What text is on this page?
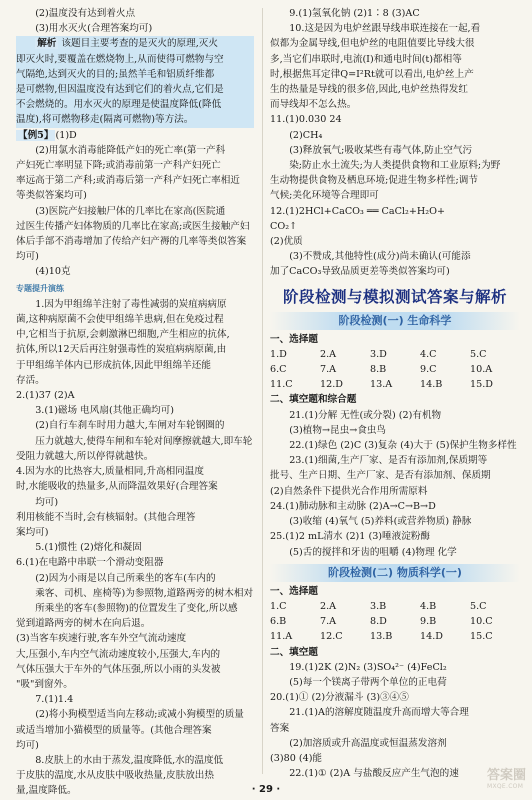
(2)温度没有达到着火点

(3)用水灭火(合理答案均可)

解析 该题目主要考查的是灭火的原理,灭火

即灭火时,要覆盖在燃烧物上,从而使得可燃物与空

气隔绝,达到灭火的目的;虽然羊毛和铝质纤维都

是可燃物,但因温度没有达到它们的着火点,它们是

不会燃烧的。用水灭火的原理是使温度降低(降低

温度),将可燃物移走(隔离可燃物)等方法。

【例5】 (1)D

(2)用氯水消毒能降低产妇的死亡率(第一产科

产妇死亡率明显下降;或消毒前第一产科产妇死亡

率远高于第二产科;或消毒后第一产科产妇死亡率相近

等类似答案均可)

(3)医院产妇接触尸体的几率比在家高(医院通

过医生传播产妇体物质的几率比在家高;或医生接触产妇

体后手部不消毒增加了传给产妇产褥的几率等类似答案

均可)

(4)10克

专题提升演练

1.因为甲组绵羊注射了毒性减弱的炭疽病病原

菌,这种病原菌不会使甲组绵羊患病,但在免疫过程

中,它相当于抗原,会刺激淋巴细胞,产生相应的抗体,

抗体,所以12天后再注射强毒性的炭疽病病原菌,由

于甲组绵羊体内已形成抗体,因此甲组绵羊还能

存活。

2.(1)37 (2)A

3.(1)磁场 电风扇(其他正确均可)

(2)自行车刹车时用力越大,车闸对车轮钢圈的

压力就越大,使得车闸和车轮对间摩擦就越大,即车轮

受阻力就越大,所以停得就越快。

4.因为水的比热容大,质量相同,升高相同温度

时,水能吸收的热量多,从而降温效果好(合理答案

均可)

利用核能不当时,会有核辐射。(其他合理答

案均可)

5.(1)惯性 (2)熔化和凝固

6.(1)在电路中串联一个滑动变阻器

(2)因为小雨是以自己所乘坐的客车(车内的

乘客、司机、座椅等)为参照物,道路两旁的树木相对

所乘坐的客车(参照物)的位置发生了变化,所以感

觉到道路两旁的树木在向后退。

(3)当客车疾速行驶,客车外空气流动速度

大,压强小,车内空气流动速度较小,压强大,车内的

气体压强大于车外的气体压强,所以小雨的头发被

"吸"到窗外。

7.(1)1.4

(2)将小狗模型适当向左移动;或减小狗模型的质量

或适当增加小猫模型的质量等。(其他合理答案

均可)

8.皮肤上的水由于蒸发,温度降低,水的温度低

于皮肤的温度,水从皮肤中吸收热量,皮肤放出热

量,温度降低。

9.(1)氢氧化钠 (2)1∶8 (3)AC

10.这是因为电炉丝跟导线串联连接在一起,看

似都为金属导线,但电炉丝的电阻值要比导线大很

多,当它们串联时,电流(I)和通电时间(t)都相等

时,根据焦耳定律Q=I²Rt就可以看出,电炉丝上产

生的热量是导线的很多倍,因此,电炉丝热得发红

而导线却不怎么热。

11.(1)0.030 24

(2)CH₄

(3)释放氧气;吸收某些有毒气体,防止空气污

染;防止水土流失;为人类提供食物和工业原料;为野

生动物提供食物及栖息环境;促进生物多样性;调节

气候;美化环境等合理即可

12.(1)2HCl+CaCO₃ ══ CaCl₂+H₂O+

CO₂↑

(2)优质

(3)不赞成,其他特性(成分)尚未确认(可能添

加了CaCO₃导致品质更差等类似答案均可)

阶段检测与模拟测试答案与解析
阶段检测(一) 生命科学

一、选择题

1.D	2.A	3.D	4.C	5.C
6.C	7.A	8.B	9.C	10.A
11.C	12.D	13.A	14.B	15.D

二、填空题和综合题

21.(1)分解 无性(或分裂) (2)有机物

(3)植物→昆虫→食虫鸟

22.(1)绿色 (2)C (3)复杂 (4)大于 (5)保护生物多样性

23.(1)细菌,生产厂家、是否有添加剂,保质期等

批号、生产日期、生产厂家、是否有添加剂、保质期

(2)自然条件下提供光合作用所需原料

24.(1)肺动脉和主动脉 (2)A→C→B→D

(3)收缩 (4)氧气 (5)养料(或营养物质) 静脉

25.(1)2 mL清水 (2)1 (3)唾液淀粉酶

(5)舌的搅拌和牙齿的咀嚼 (4)物理 化学

阶段检测(二) 物质科学(一)

一、选择题

1.C	2.A	3.B	4.B	5.C
6.B	7.A	8.D	9.B	10.C
11.A	12.C	13.B	14.D	15.C

二、填空题

19.(1)2K (2)N₂ (3)SO₄²⁻ (4)FeCl₂

(5)每一个镁离子带两个单位的正电荷

20.(1)① (2)分液漏斗 (3)③④⑤

21.(1)A的溶解度随温度升高而增大等合理

答案

(2)加溶质或升高温度或恒温蒸发溶剂

(3)80 (4)能

22.(1)① (2)A 与盐酸反应产生气泡的速

· 29 ·
答案圈
MXQE.COM
